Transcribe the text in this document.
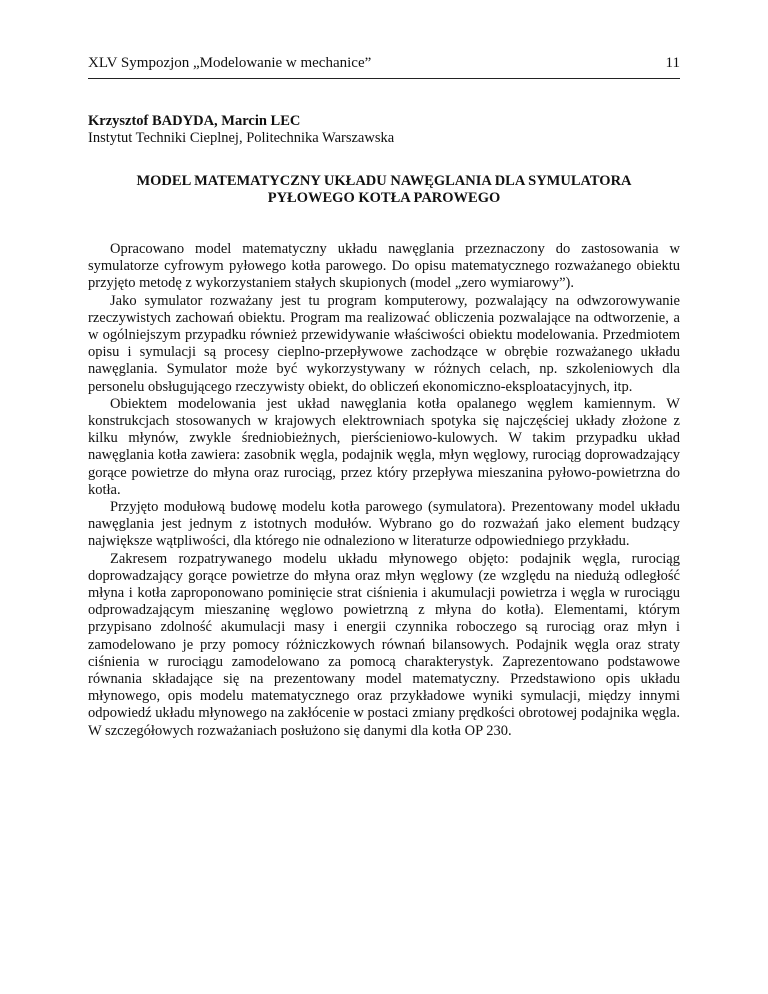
XLV Sympozjon „Modelowanie w mechanice”	11
Krzysztof BADYDA, Marcin LEC
Instytut Techniki Cieplnej, Politechnika Warszawska
MODEL MATEMATYCZNY UKŁADU NAWĘGLANIA DLA SYMULATORA
PYŁOWEGO KOTŁA PAROWEGO

Opracowano model matematyczny układu nawęglania przeznaczony do zastosowania w symulatorze cyfrowym pyłowego kotła parowego. Do opisu matematycznego rozważanego obiektu przyjęto metodę z wykorzystaniem stałych skupionych (model „zero wymiarowy”).

Jako symulator rozważany jest tu program komputerowy, pozwalający na odwzorowywanie rzeczywistych zachowań obiektu. Program ma realizować obliczenia pozwalające na odtworzenie, a w ogólniejszym przypadku również przewidywanie właściwości obiektu modelowania. Przedmiotem opisu i symulacji są procesy cieplno-przepływowe zachodzące w obrębie rozważanego układu nawęglania. Symulator może być wykorzystywany w różnych celach, np. szkoleniowych dla personelu obsługującego rzeczywisty obiekt, do obliczeń ekonomiczno-eksploatacyjnych, itp.

Obiektem modelowania jest układ nawęglania kotła opalanego węglem kamiennym. W konstrukcjach stosowanych w krajowych elektrowniach spotyka się najczęściej układy złożone z kilku młynów, zwykle średniobieżnych, pierścieniowo-kulowych. W takim przypadku układ nawęglania kotła zawiera: zasobnik węgla, podajnik węgla, młyn węglowy, rurociąg doprowadzający gorące powietrze do młyna oraz rurociąg, przez który przepływa mieszanina pyłowo-powietrzna do kotła.

Przyjęto modułową budowę modelu kotła parowego (symulatora). Prezentowany model układu nawęglania jest jednym z istotnych modułów. Wybrano go do rozważań jako element budzący największe wątpliwości, dla którego nie odnaleziono w literaturze odpowiedniego przykładu.

Zakresem rozpatrywanego modelu układu młynowego objęto: podajnik węgla, rurociąg doprowadzający gorące powietrze do młyna oraz młyn węglowy (ze względu na niedużą odległość młyna i kotła zaproponowano pominięcie strat ciśnienia i akumulacji powietrza i węgla w rurociągu odprowadzającym mieszaninę węglowo powietrzną z młyna do kotła). Elementami, którym przypisano zdolność akumulacji masy i energii czynnika roboczego są rurociąg oraz młyn i zamodelowano je przy pomocy różniczkowych równań bilansowych. Podajnik węgla oraz straty ciśnienia w rurociągu zamodelowano za pomocą charakterystyk. Zaprezentowano podstawowe równania składające się na prezentowany model matematyczny. Przedstawiono opis układu młynowego, opis modelu matematycznego oraz przykładowe wyniki symulacji, między innymi odpowiedź układu młynowego na zakłócenie w postaci zmiany prędkości obrotowej podajnika węgla. W szczegółowych rozważaniach posłużono się danymi dla kotła OP 230.
